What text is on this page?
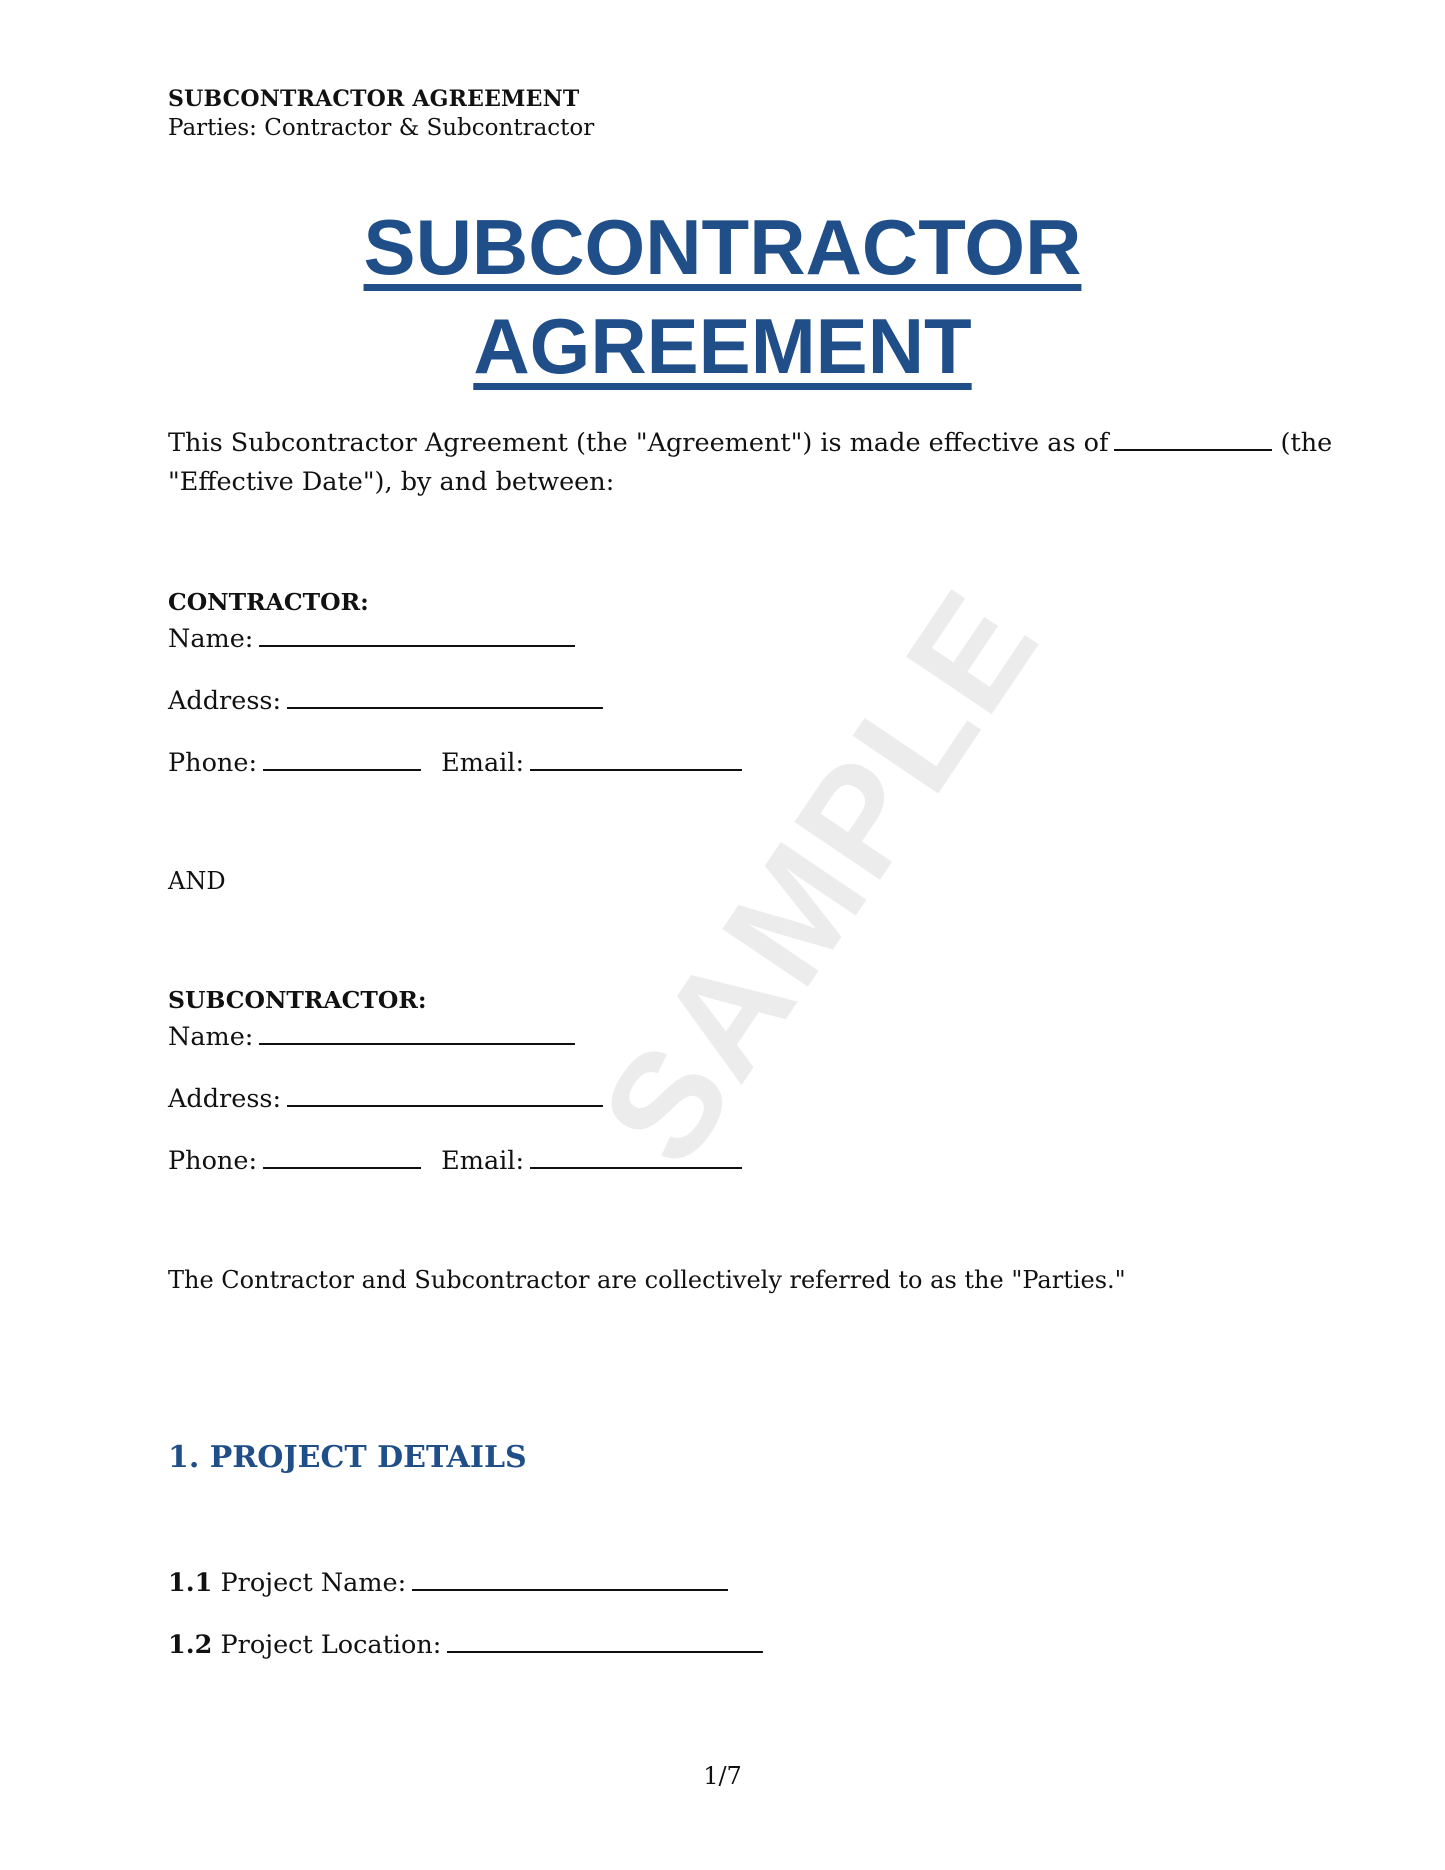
SAMPLE
SUBCONTRACTOR AGREEMENT
Parties: Contractor & Subcontractor
SUBCONTRACTOR
AGREEMENT
This Subcontractor Agreement (the "Agreement") is made effective as of	(the
"Effective Date"), by and between:
CONTRACTOR:
Name:
Address:
Phone:	Email:
AND
SUBCONTRACTOR:
Name:
Address:
Phone:	Email:
The Contractor and Subcontractor are collectively referred to as the "Parties."
1. PROJECT DETAILS
1.1 Project Name:
1.2 Project Location:
1/7
